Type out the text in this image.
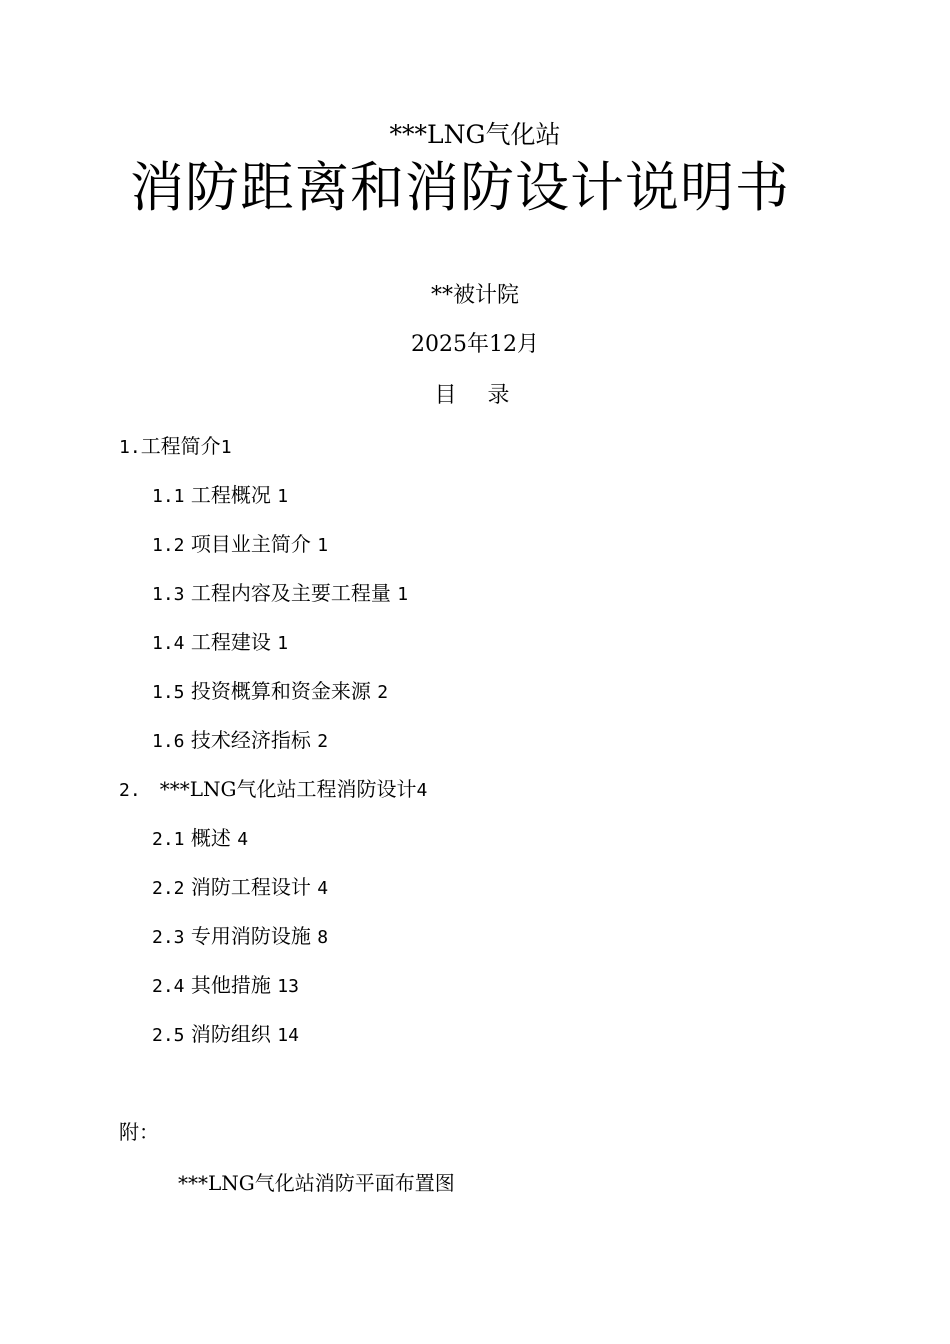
***LNG气化站
消防距离和消防设计说明书
**被计院
2025年12月
目 录
1.工程简介1
1.1 工程概况 1
1.2 项目业主简介 1
1.3 工程内容及主要工程量 1
1.4 工程建设 1
1.5 投资概算和资金来源 2
1.6 技术经济指标 2
2. ***LNG气化站工程消防设计4
2.1 概述 4
2.2 消防工程设计 4
2.3 专用消防设施 8
2.4 其他措施 13
2.5 消防组织 14
附：
***LNG气化站消防平面布置图
